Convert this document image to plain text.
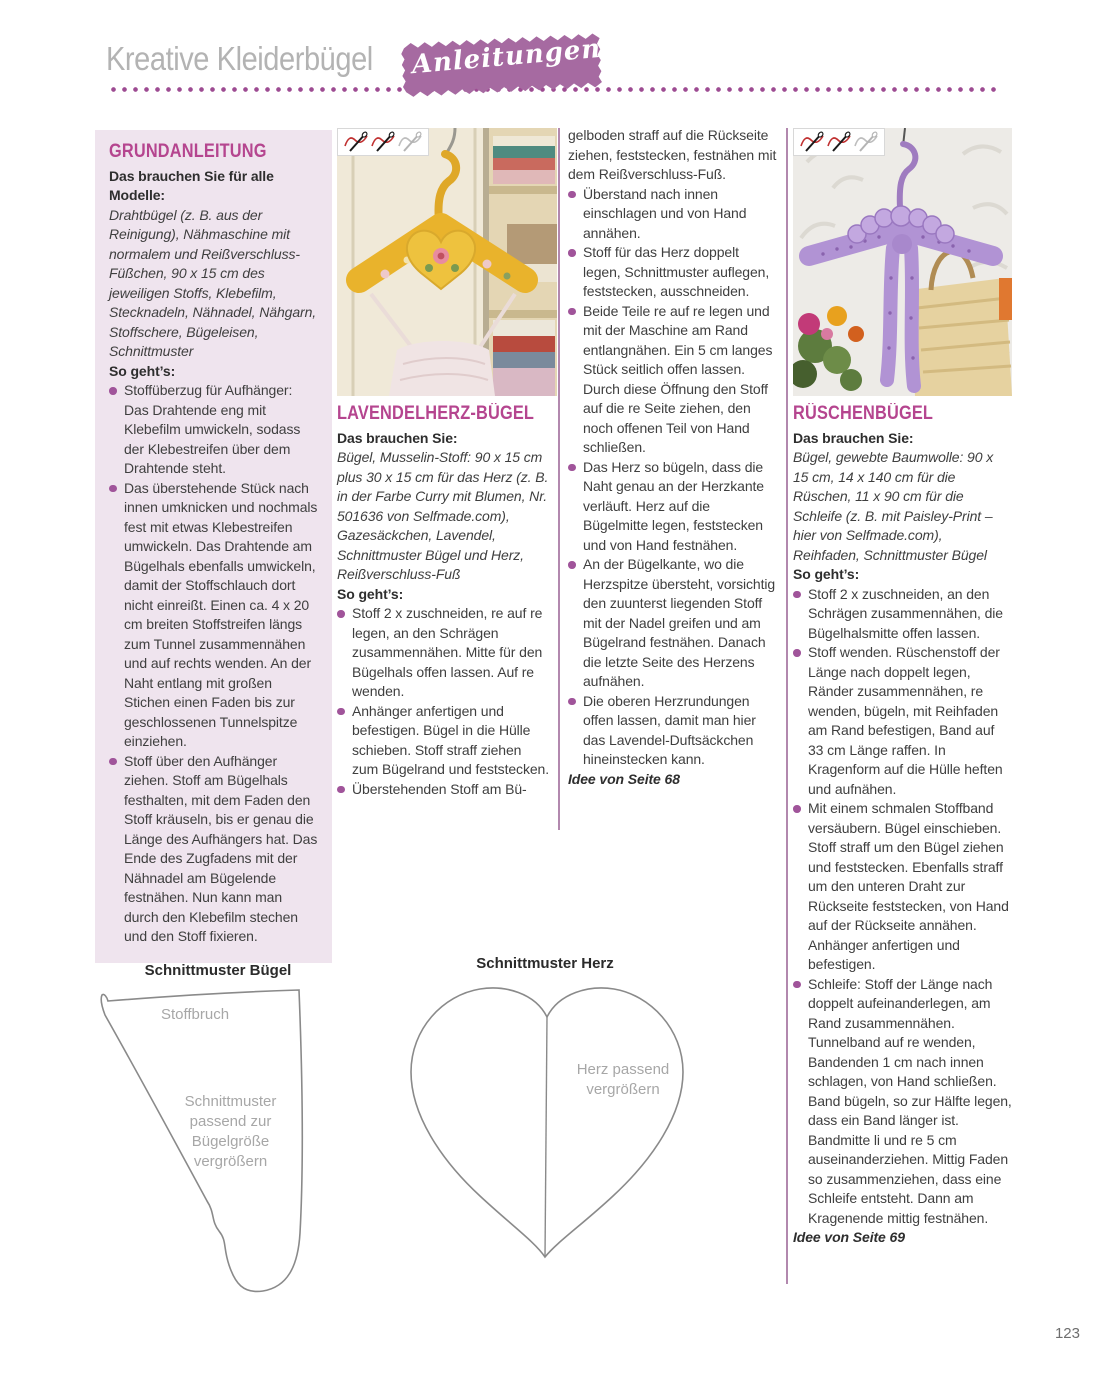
Kreative Kleiderbügel	Anleitungen
GRUNDANLEITUNG

Das brauchen Sie für alle Modelle:

Drahtbügel (z. B. aus der Reinigung), Nähmaschine mit normalem und Reißverschluss-Füßchen, 90 x 15 cm des jeweiligen Stoffs, Klebefilm, Stecknadeln, Nähnadel, Nähgarn, Stoffschere, Bügeleisen, Schnittmuster

So geht’s:

Stoffüberzug für Aufhänger: Das Drahtende eng mit Klebefilm umwickeln, sodass der Klebestreifen über dem Drahtende steht.

Das überstehende Stück nach innen umknicken und nochmals fest mit etwas Klebestreifen umwickeln. Das Drahtende am Bügelhals ebenfalls umwickeln, damit der Stoffschlauch dort nicht einreißt. Einen ca. 4 x 20 cm breiten Stoffstreifen längs zum Tunnel zusammennähen und auf rechts wenden. An der Naht entlang mit großen Stichen einen Faden bis zur geschlossenen Tunnelspitze einziehen.

Stoff über den Aufhänger ziehen. Stoff am Bügelhals festhalten, mit dem Faden den Stoff kräuseln, bis er genau die Länge des Aufhängers hat. Das Ende des Zugfadens mit der Nähnadel am Bügelende festnähen. Nun kann man durch den Klebefilm stechen und den Stoff fixieren.

LAVENDELHERZ-BÜGEL

Das brauchen Sie:

Bügel, Musselin-Stoff: 90 x 15 cm plus 30 x 15 cm für das Herz (z. B. in der Farbe Curry mit Blumen, Nr. 501636 von Selfmade.com), Gazesäckchen, Lavendel, Schnittmuster Bügel und Herz, Reißverschluss-Fuß

So geht’s:

Stoff 2 x zuschneiden, re auf re legen, an den Schrägen zusammennähen. Mitte für den Bügelhals offen lassen. Auf re wenden.

Anhänger anfertigen und befestigen. Bügel in die Hülle schieben. Stoff straff ziehen zum Bügelrand und feststecken.

Überstehenden Stoff am Bü-

gelboden straff auf die Rückseite ziehen, feststecken, festnähen mit dem Reißverschluss-Fuß.

Überstand nach innen einschlagen und von Hand annähen.

Stoff für das Herz doppelt legen, Schnittmuster auflegen, feststecken, ausschneiden.

Beide Teile re auf re legen und mit der Maschine am Rand entlangnähen. Ein 5 cm langes Stück seitlich offen lassen. Durch diese Öffnung den Stoff auf die re Seite ziehen, den noch offenen Teil von Hand schließen.

Das Herz so bügeln, dass die Naht genau an der Herzkante verläuft. Herz auf die Bügelmitte legen, feststecken und von Hand festnähen.

An der Bügelkante, wo die Herzspitze übersteht, vorsichtig den zuunterst liegenden Stoff mit der Nadel greifen und am Bügelrand festnähen. Danach die letzte Seite des Herzens aufnähen.

Die oberen Herzrundungen offen lassen, damit man hier das Lavendel-Duftsäckchen hineinstecken kann.

Idee von Seite 68

RÜSCHENBÜGEL

Das brauchen Sie:

Bügel, gewebte Baumwolle: 90 x 15 cm, 14 x 140 cm für die Rüschen, 11 x 90 cm für die Schleife (z. B. mit Paisley-Print – hier von Selfmade.com), Reihfaden, Schnittmuster Bügel

So geht’s:

Stoff 2 x zuschneiden, an den Schrägen zusammennähen, die Bügelhalsmitte offen lassen.

Stoff wenden. Rüschenstoff der Länge nach doppelt legen, Ränder zusammennähen, re wenden, bügeln, mit Reihfaden am Rand befestigen, Band auf 33 cm Länge raffen. In Kragenform auf die Hülle heften und aufnähen.

Mit einem schmalen Stoffband versäubern. Bügel einschieben. Stoff straff um den Bügel ziehen und feststecken. Ebenfalls straff um den unteren Draht zur Rückseite feststecken, von Hand auf der Rückseite annähen. Anhänger anfertigen und befestigen.

Schleife: Stoff der Länge nach doppelt aufeinanderlegen, am Rand zusammennähen. Tunnelband auf re wenden, Bandenden 1 cm nach innen schlagen, von Hand schließen. Band bügeln, so zur Hälfte legen, dass ein Band länger ist. Bandmitte li und re 5 cm auseinanderziehen. Mittig Faden so zusammenziehen, dass eine Schleife entsteht. Dann am Kragenende mittig festnähen.

Idee von Seite 69

Schnittmuster Bügel
Stoffbruch
Schnittmuster passend zur Bügelgröße vergrößern
Schnittmuster Herz
Herz passend vergrößern
123
